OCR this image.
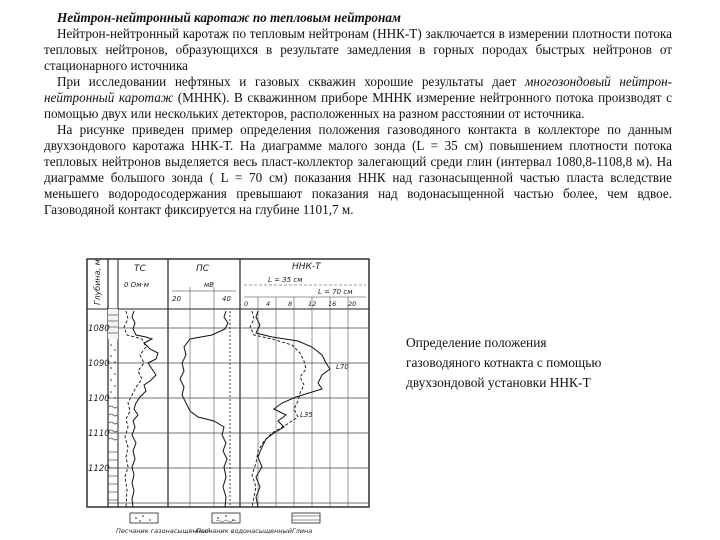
Нейтрон-нейтронный каротаж по тепловым нейтронам

Нейтрон-нейтронный каротаж по тепловым нейтронам (ННК-Т) заключается в измерении плотности потока тепловых нейтронов, образующихся в результате замедления в горных породах быстрых нейтронов от стационарного источника

При исследовании нефтяных и газовых скважин хорошие результаты дает многозондовый нейтрон-нейтронный каротаж (МННК). В скважинном приборе МННК измерение нейтронного потока производят с помощью двух или нескольких детекторов, расположенных на разном расстоянии от источника.

На рисунке приведен пример определения положения газоводяного контакта в коллекторе по данным двухзондового каротажа ННК-Т. На диаграмме малого зонда (L = 35 см) повышением плотности потока тепловых нейтронов выделяется весь пласт-коллектор залегающий среди глин (интервал 1080,8-1108,8 м). На диаграмме большого зонда ( L = 70 см) показания ННК над газонасыщенной частью пласта вследствие меньшего водородосодержания превышают показания над водонасыщенной частью более, чем вдвое. Газоводяной контакт фиксируется на глубине 1101,7 м.

Глубина, м
1080
1090
1100
1110
1120
ТС
0 Ом·м
ПС
мВ
20	40
ННК-Т
L = 35 см
L = 70 см
0	4	8 12 16 20
L70
L35
Песчаник газонасыщенный
Песчаник водонасыщенный Глина
Определение положения
газоводяного котнакта с помощью
двухзондовой установки ННК-Т
